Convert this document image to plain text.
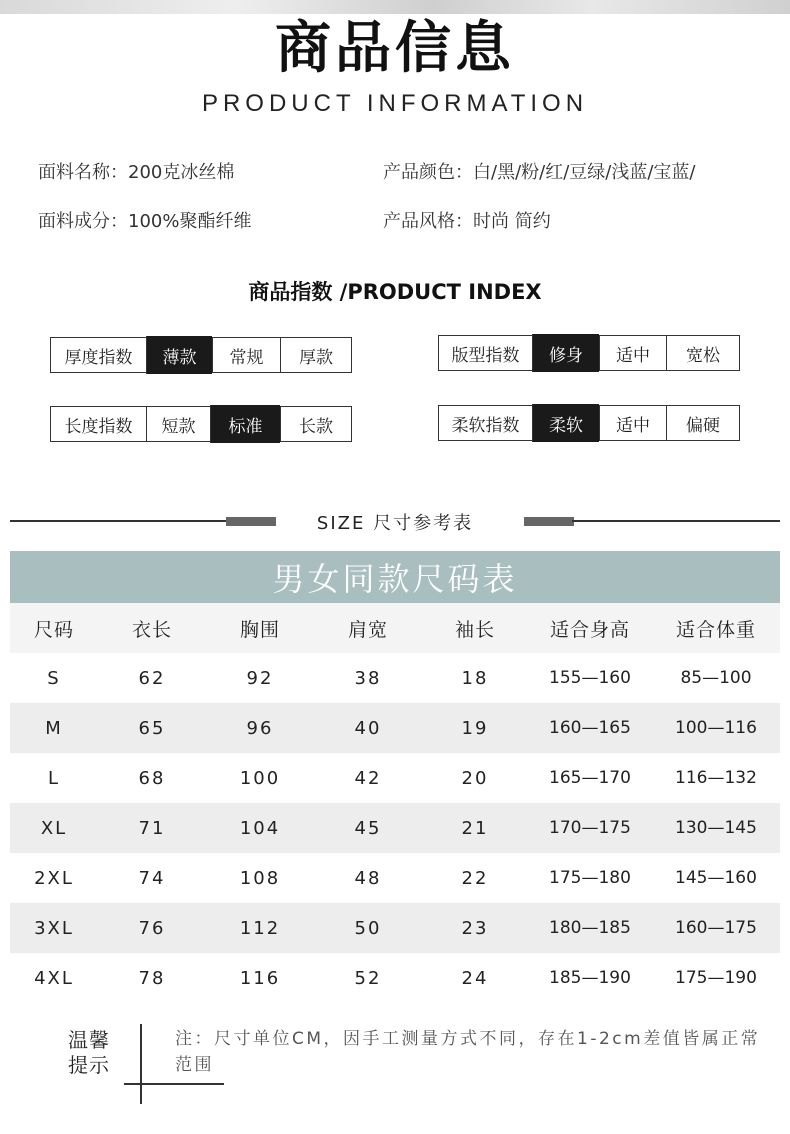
商品信息
PRODUCT INFORMATION
面料名称：200克冰丝棉	产品颜色：白/黑/粉/红/豆绿/浅蓝/宝蓝/
面料成分：100%聚酯纤维	产品风格：时尚 简约
商品指数 /PRODUCT INDEX
厚度指数	薄款	常规	厚款	版型指数	修身	适中	宽松
长度指数	短款	标准	长款	柔软指数	柔软	适中	偏硬
SIZE 尺寸参考表
男女同款尺码表
尺码	衣长	胸围	肩宽	袖长	适合身高	适合体重
S	62	92	38	18	155—160	85—100
M	65	96	40	19	160—165	100—116
L	68	100	42	20	165—170	116—132
XL	71	104	45	21	170—175	130—145
2XL	74	108	48	22	175—180	145—160
3XL	76	112	50	23	180—185	160—175
4XL	78	116	52	24	185—190	175—190
温馨
提示
注：尺寸单位CM，因手工测量方式不同，存在1-2cm差值皆属正常范围
